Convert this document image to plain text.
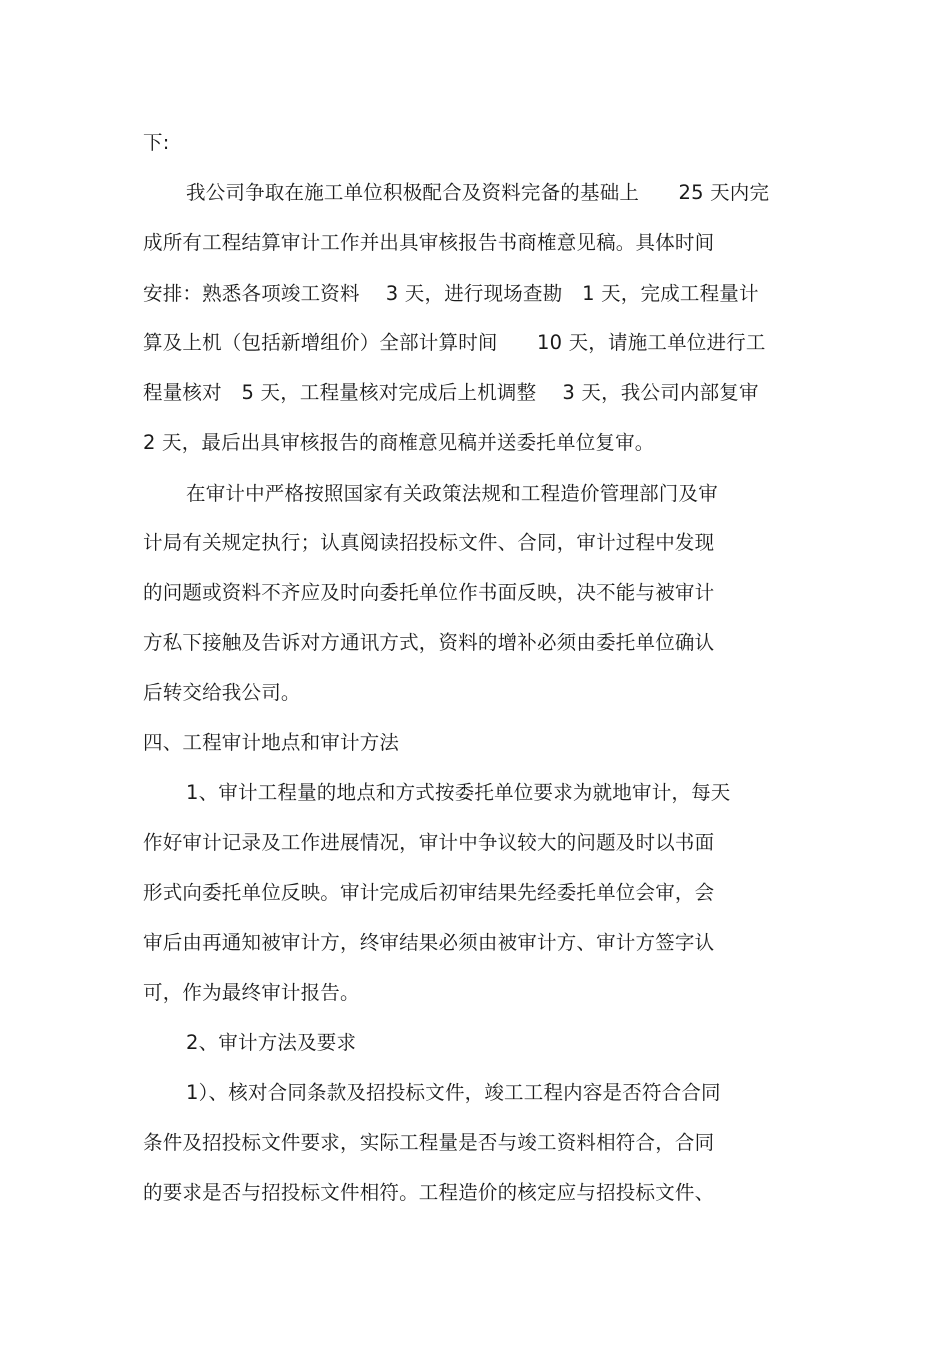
下:
我公司争取在施工单位积极配合及资料完备的基础上　　25 天内完
成所有工程结算审计工作并出具审核报告书商榷意见稿。具体时间
安排：熟悉各项竣工资料　 3 天，进行现场查勘　1 天，完成工程量计
算及上机（包括新增组价）全部计算时间　　10 天，请施工单位进行工
程量核对　5 天，工程量核对完成后上机调整　 3 天，我公司内部复审
2 天，最后出具审核报告的商榷意见稿并送委托单位复审。
在审计中严格按照国家有关政策法规和工程造价管理部门及审
计局有关规定执行；认真阅读招投标文件、合同，审计过程中发现
的问题或资料不齐应及时向委托单位作书面反映，决不能与被审计
方私下接触及告诉对方通讯方式，资料的增补必须由委托单位确认
后转交给我公司。
四、工程审计地点和审计方法
1、审计工程量的地点和方式按委托单位要求为就地审计，每天
作好审计记录及工作进展情况，审计中争议较大的问题及时以书面
形式向委托单位反映。审计完成后初审结果先经委托单位会审，会
审后由再通知被审计方，终审结果必须由被审计方、审计方签字认
可，作为最终审计报告。
2、审计方法及要求
1）、核对合同条款及招投标文件，竣工工程内容是否符合合同
条件及招投标文件要求，实际工程量是否与竣工资料相符合，合同
的要求是否与招投标文件相符。工程造价的核定应与招投标文件、
